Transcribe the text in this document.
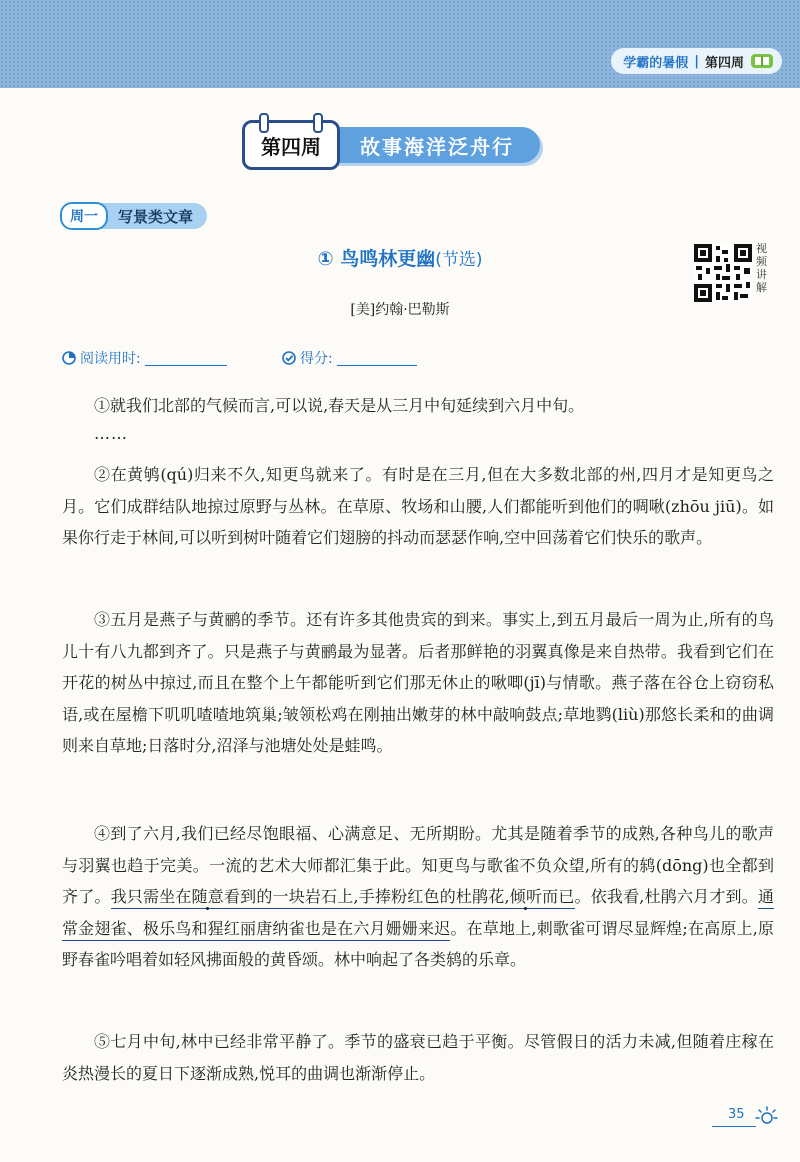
学霸的暑假 | 第四周
第四周	故事海洋泛舟行
周一	写景类文章
① 鸟鸣林更幽(节选)
视频讲解
[美]约翰·巴勒斯
阅读用时:	得分:
①就我们北部的气候而言,可以说,春天是从三月中旬延续到六月中旬。
……
②在黄鸲(qú)归来不久,知更鸟就来了。有时是在三月,但在大多数北部的州,四月才是知更鸟之月。它们成群结队地掠过原野与丛林。在草原、牧场和山腰,人们都能听到他们的啁啾(zhōu jiū)。如果你行走于林间,可以听到树叶随着它们翅膀的抖动而瑟瑟作响,空中回荡着它们快乐的歌声。
③五月是燕子与黄鹂的季节。还有许多其他贵宾的到来。事实上,到五月最后一周为止,所有的鸟儿十有八九都到齐了。只是燕子与黄鹂最为显著。后者那鲜艳的羽翼真像是来自热带。我看到它们在开花的树丛中掠过,而且在整个上午都能听到它们那无休止的啾唧(jī)与情歌。燕子落在谷仓上窃窃私语,或在屋檐下叽叽喳喳地筑巢;皱领松鸡在刚抽出嫩芽的林中敲响鼓点;草地鹨(liù)那悠长柔和的曲调则来自草地;日落时分,沼泽与池塘处处是蛙鸣。
④到了六月,我们已经尽饱眼福、心满意足、无所期盼。尤其是随着季节的成熟,各种鸟儿的歌声与羽翼也趋于完美。一流的艺术大师都汇集于此。知更鸟与歌雀不负众望,所有的鸫(dōng)也全都到齐了。我只需坐在随意看到的一块岩石上,手捧粉红色的杜鹃花,倾听而已。依我看,杜鹃六月才到。通常金翅雀、极乐鸟和猩红丽唐纳雀也是在六月姗姗来迟。在草地上,刺歌雀可谓尽显辉煌;在高原上,原野春雀吟唱着如轻风拂面般的黄昏颂。林中响起了各类鸫的乐章。
⑤七月中旬,林中已经非常平静了。季节的盛衰已趋于平衡。尽管假日的活力未减,但随着庄稼在炎热漫长的夏日下逐渐成熟,悦耳的曲调也渐渐停止。
35
